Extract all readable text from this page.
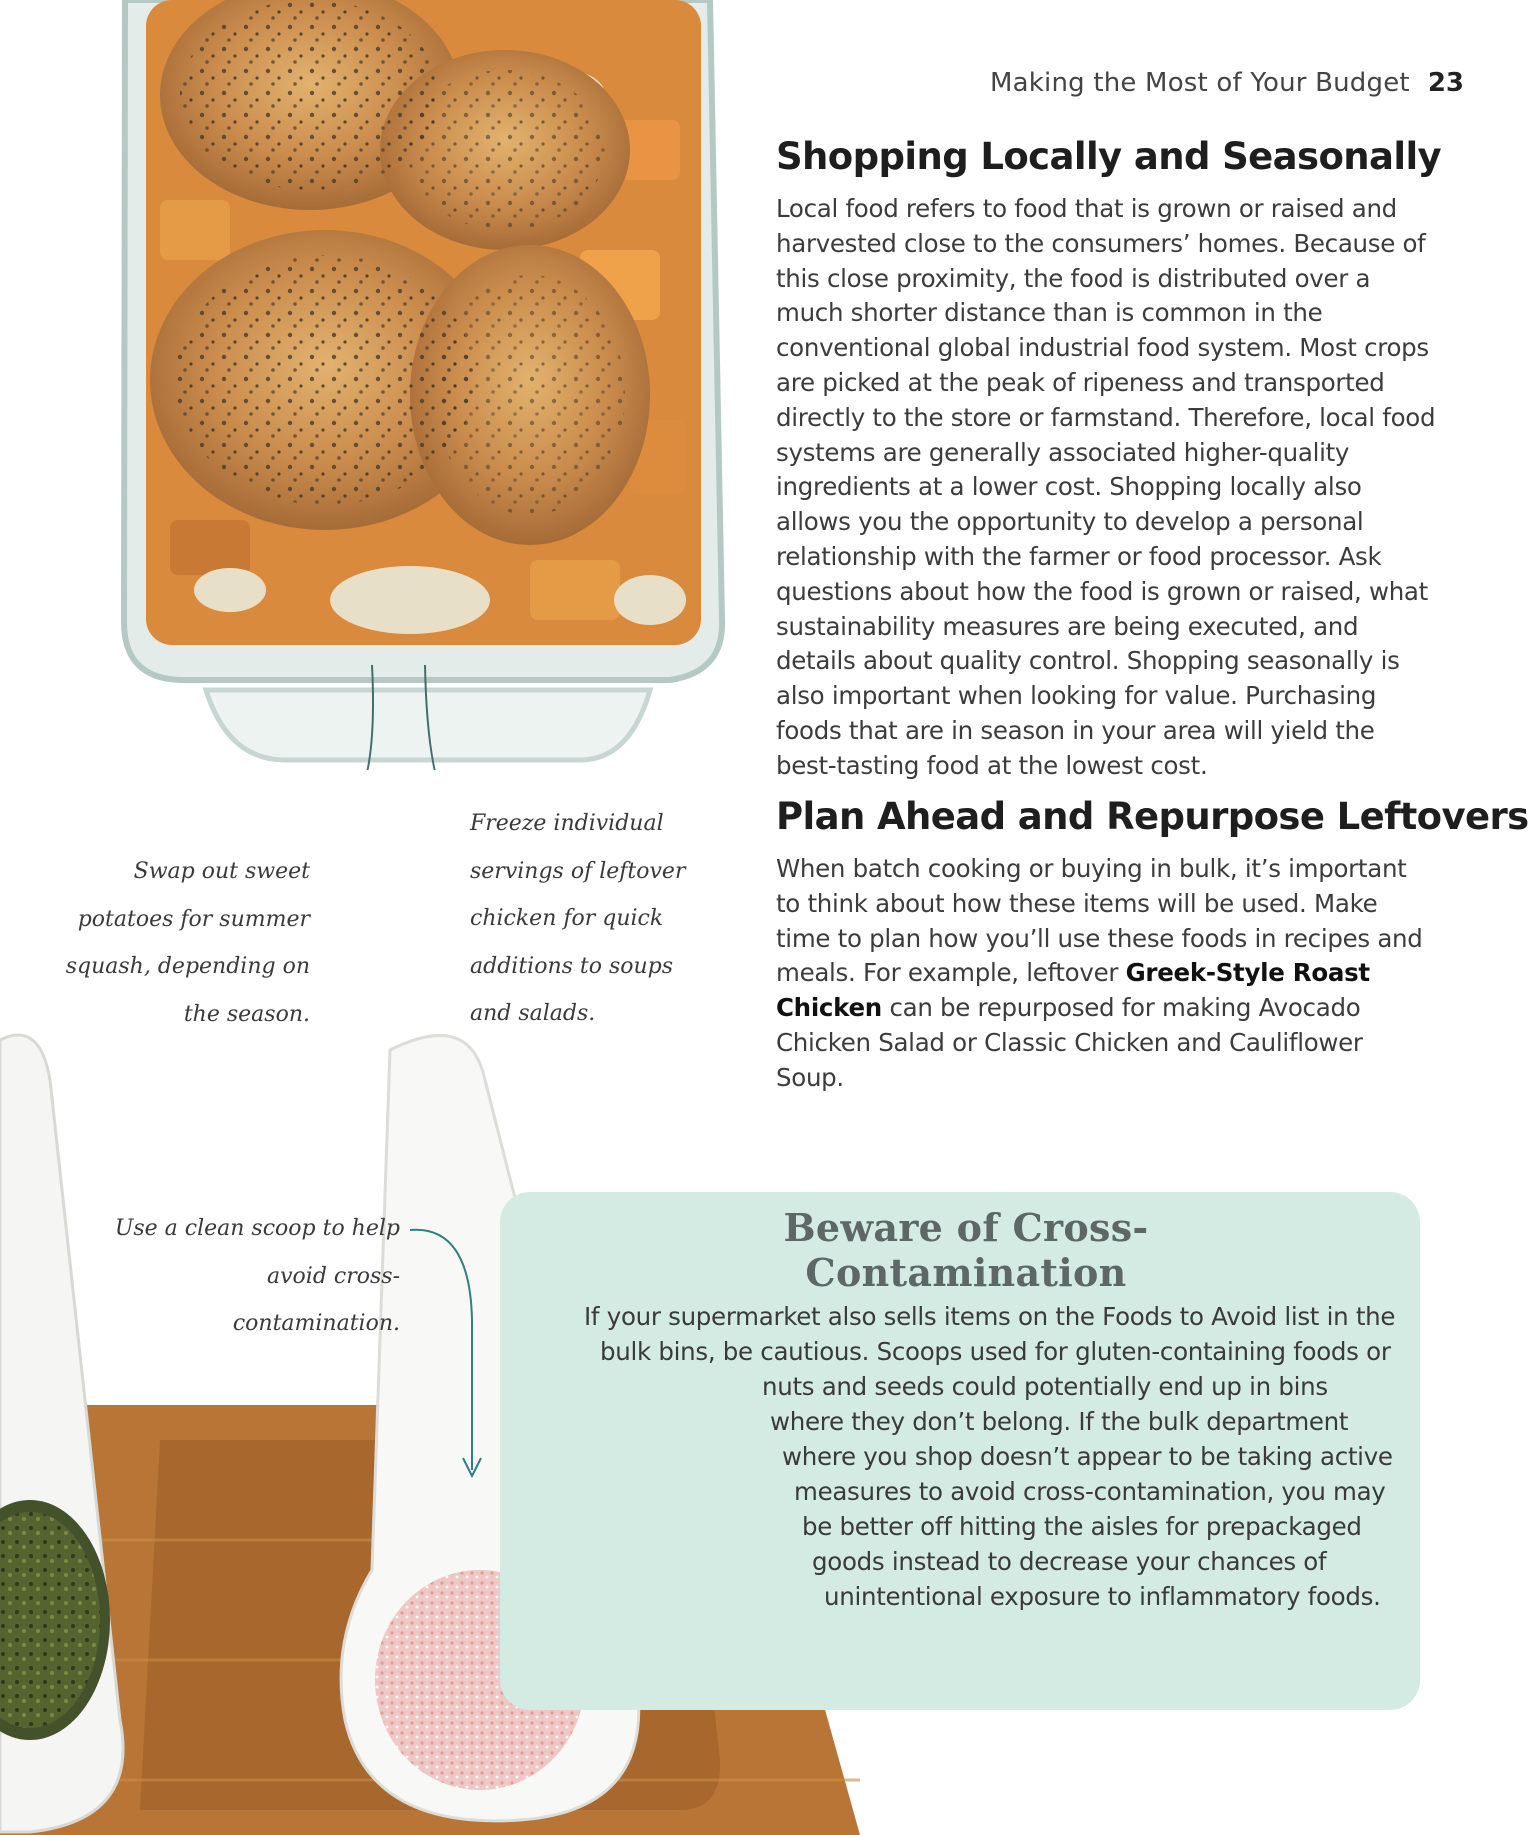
Making the Most of Your Budget 23
Shopping Locally and Seasonally

Local food refers to food that is grown or raised and harvested close to the consumers’ homes. Because of this close proximity, the food is distributed over a much shorter distance than is common in the conventional global industrial food system. Most crops are picked at the peak of ripeness and transported directly to the store or farmstand. Therefore, local food systems are generally associated higher-quality ingredients at a lower cost. Shopping locally also allows you the opportunity to develop a personal relationship with the farmer or food processor. Ask questions about how the food is grown or raised, what sustainability measures are being executed, and details about quality control. Shopping seasonally is also important when looking for value. Purchasing foods that are in season in your area will yield the best-tasting food at the lowest cost.

Plan Ahead and Repurpose Leftovers

When batch cooking or buying in bulk, it’s important to think about how these items will be used. Make time to plan how you’ll use these foods in recipes and meals. For example, leftover Greek-Style Roast Chicken can be repurposed for making Avocado Chicken Salad or Classic Chicken and Cauliflower Soup.

Swap out sweet potatoes for summer squash, depending on the season.

Freeze individual servings of leftover chicken for quick additions to soups and salads.

Use a clean scoop to help avoid cross-contamination.

Beware of Cross-Contamination
If your supermarket also sells items on the Foods to Avoid list in the
bulk bins, be cautious. Scoops used for gluten-containing foods or
nuts and seeds could potentially end up in bins
where they don’t belong. If the bulk department
where you shop doesn’t appear to be taking active
measures to avoid cross-contamination, you may
be better off hitting the aisles for prepackaged
goods instead to decrease your chances of
unintentional exposure to inflammatory foods.
